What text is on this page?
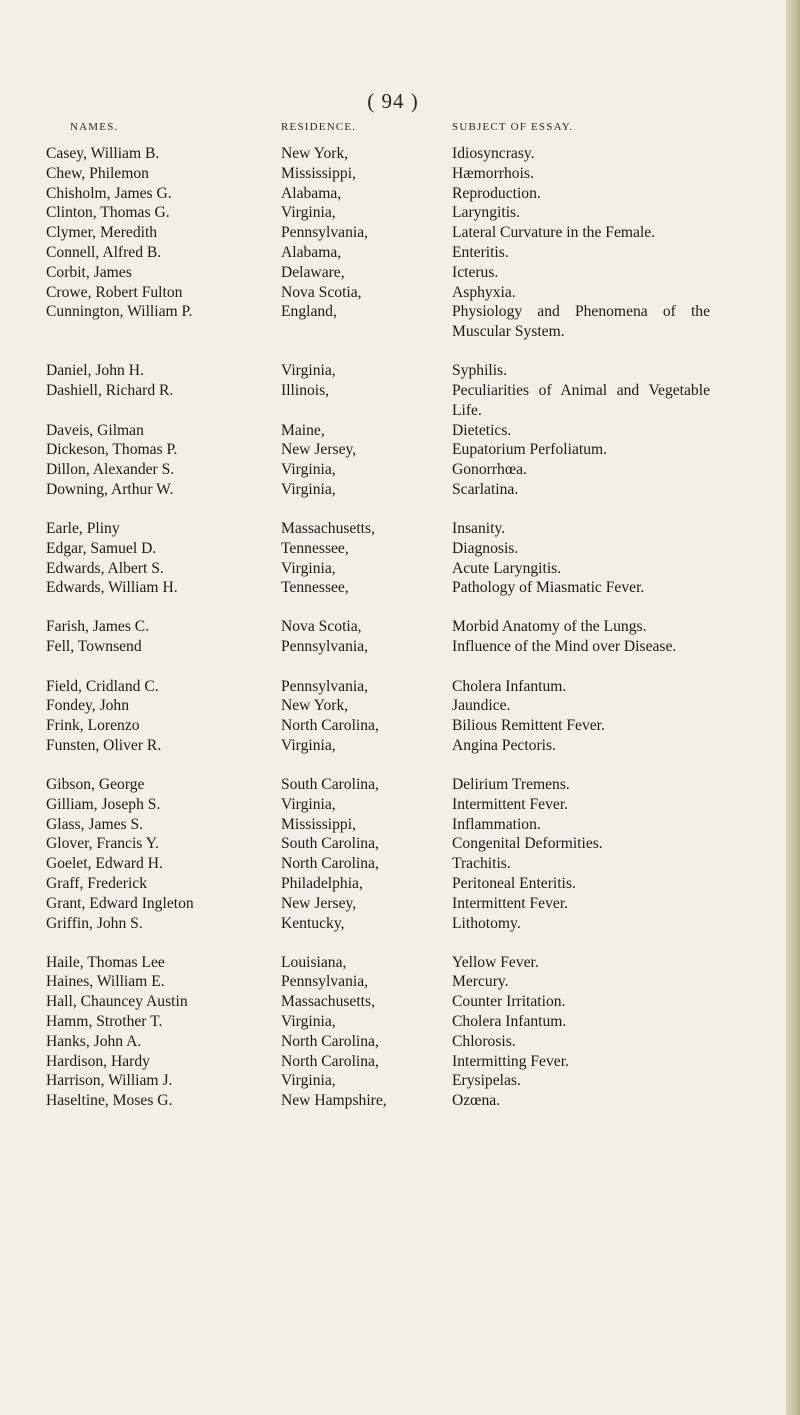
( 94 )
NAMES.	RESIDENCE.	SUBJECT OF ESSAY.
Casey, William B.	New York,	Idiosyncrasy.
Chew, Philemon	Mississippi,	Hæmorrhois.
Chisholm, James G.	Alabama,	Reproduction.
Clinton, Thomas G.	Virginia,	Laryngitis.
Clymer, Meredith	Pennsylvania,	Lateral Curvature in the Female.
Connell, Alfred B.	Alabama,	Enteritis.
Corbit, James	Delaware,	Icterus.
Crowe, Robert Fulton	Nova Scotia,	Asphyxia.
Cunnington, William P.	England,	Physiology and Phenomena of the Muscular System.
Daniel, John H.	Virginia,	Syphilis.
Dashiell, Richard R.	Illinois,	Peculiarities of Animal and Vegetable Life.
Daveis, Gilman	Maine,	Dietetics.
Dickeson, Thomas P.	New Jersey,	Eupatorium Perfoliatum.
Dillon, Alexander S.	Virginia,	Gonorrhœa.
Downing, Arthur W.	Virginia,	Scarlatina.
Earle, Pliny	Massachusetts,	Insanity.
Edgar, Samuel D.	Tennessee,	Diagnosis.
Edwards, Albert S.	Virginia,	Acute Laryngitis.
Edwards, William H.	Tennessee,	Pathology of Miasmatic Fever.
Farish, James C.	Nova Scotia,	Morbid Anatomy of the Lungs.
Fell, Townsend	Pennsylvania,	Influence of the Mind over Disease.
Field, Cridland C.	Pennsylvania,	Cholera Infantum.
Fondey, John	New York,	Jaundice.
Frink, Lorenzo	North Carolina,	Bilious Remittent Fever.
Funsten, Oliver R.	Virginia,	Angina Pectoris.
Gibson, George	South Carolina,	Delirium Tremens.
Gilliam, Joseph S.	Virginia,	Intermittent Fever.
Glass, James S.	Mississippi,	Inflammation.
Glover, Francis Y.	South Carolina,	Congenital Deformities.
Goelet, Edward H.	North Carolina,	Trachitis.
Graff, Frederick	Philadelphia,	Peritoneal Enteritis.
Grant, Edward Ingleton	New Jersey,	Intermittent Fever.
Griffin, John S.	Kentucky,	Lithotomy.
Haile, Thomas Lee	Louisiana,	Yellow Fever.
Haines, William E.	Pennsylvania,	Mercury.
Hall, Chauncey Austin	Massachusetts,	Counter Irritation.
Hamm, Strother T.	Virginia,	Cholera Infantum.
Hanks, John A.	North Carolina,	Chlorosis.
Hardison, Hardy	North Carolina,	Intermitting Fever.
Harrison, William J.	Virginia,	Erysipelas.
Haseltine, Moses G.	New Hampshire,	Ozœna.
